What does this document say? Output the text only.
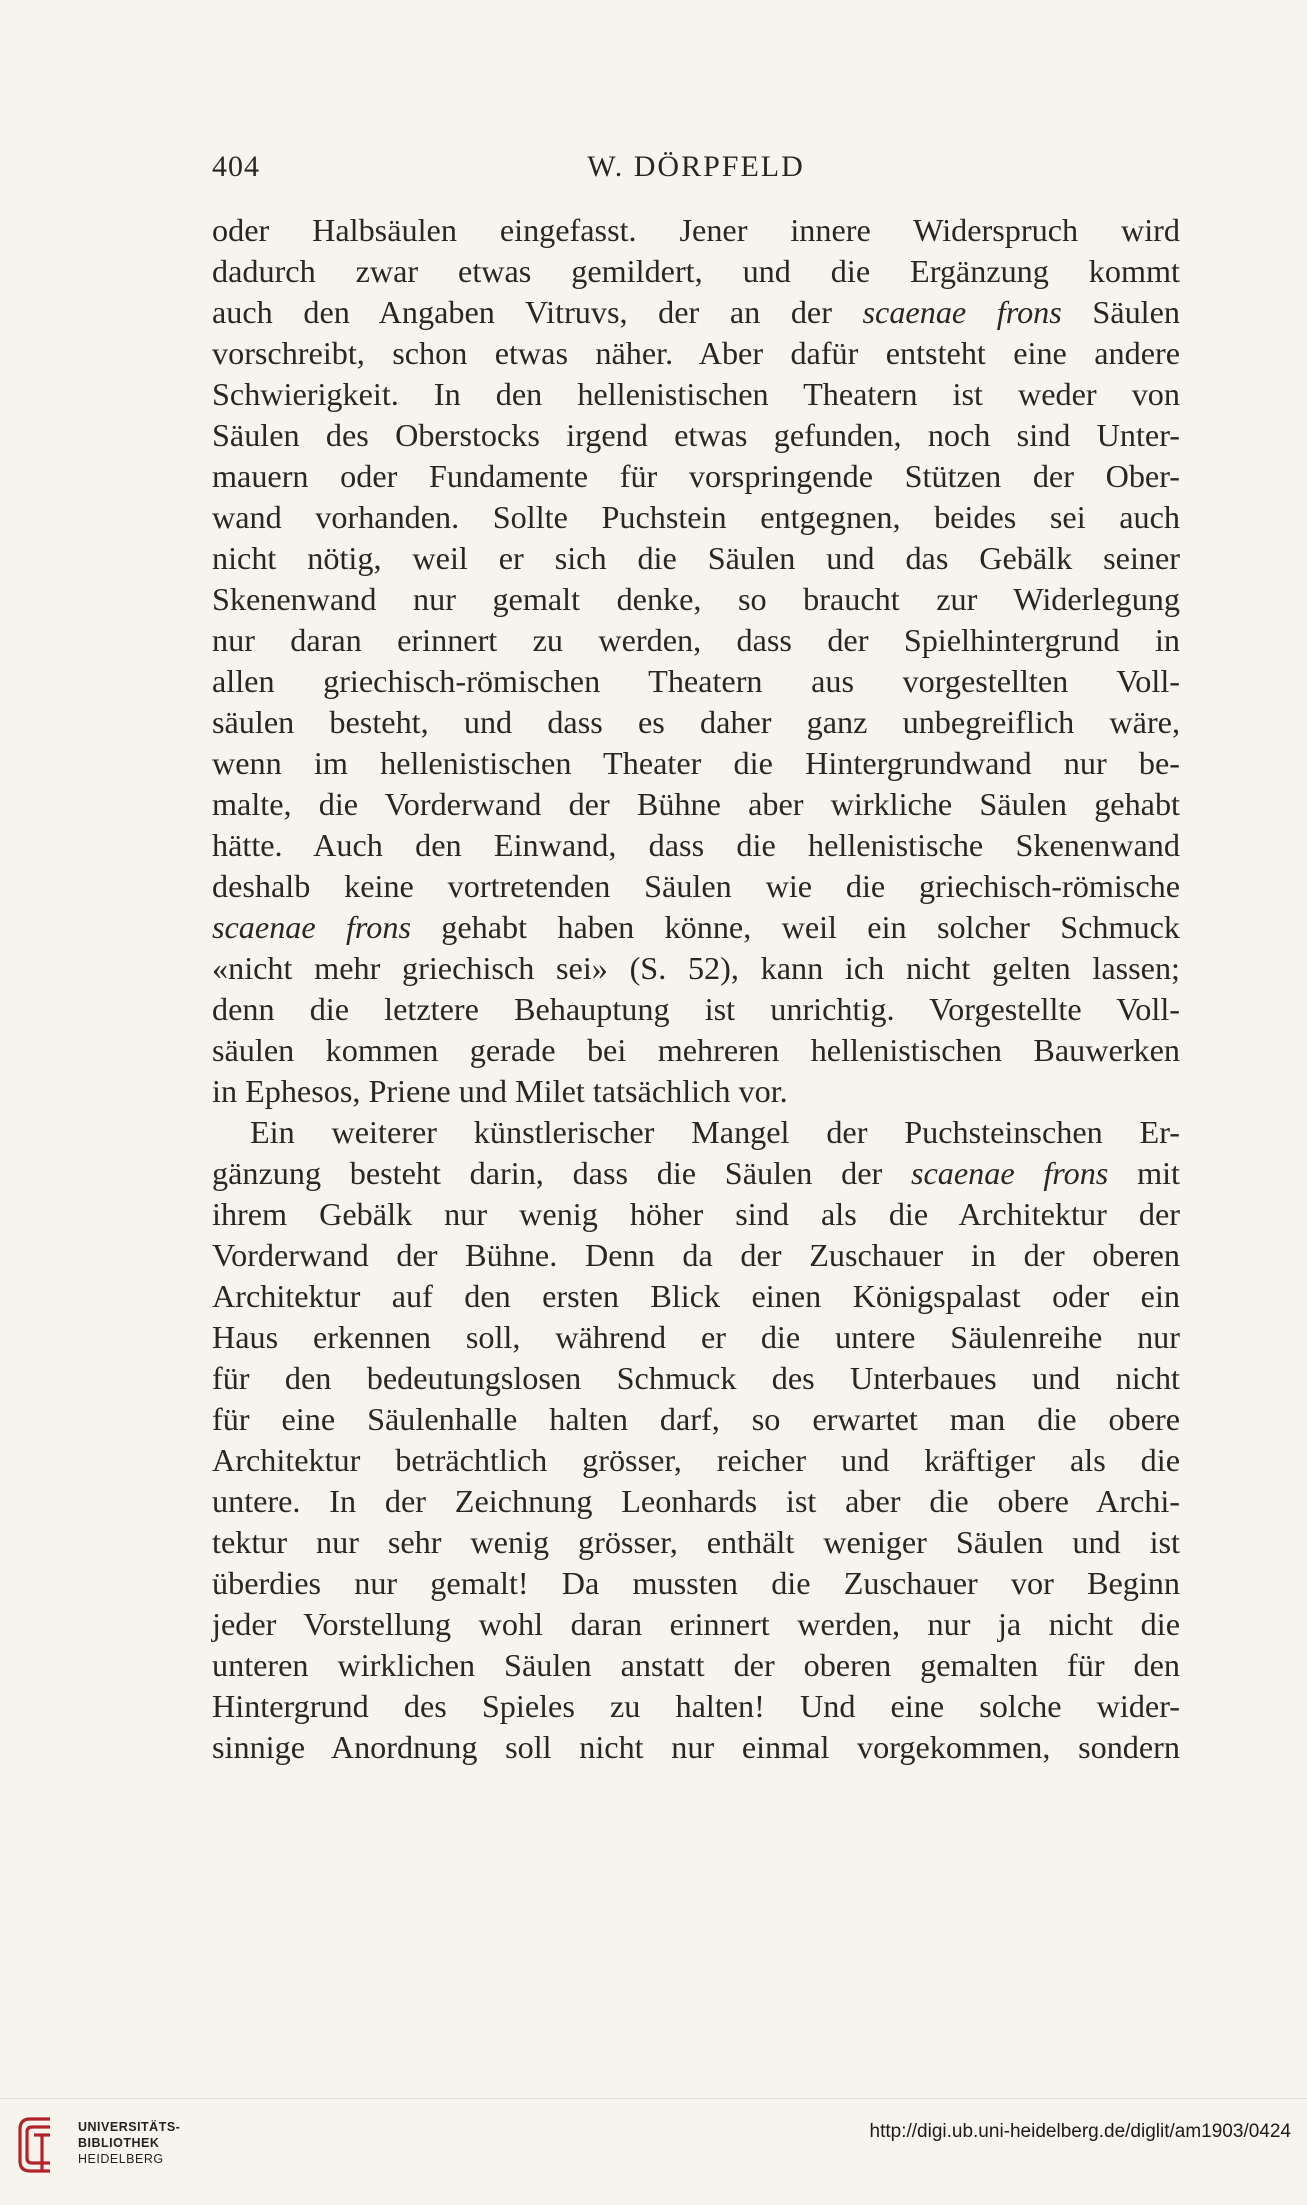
404	W. DÖRPFELD
oder Halbsäulen eingefasst. Jener innere Widerspruch wird
dadurch zwar etwas gemildert, und die Ergänzung kommt
auch den Angaben Vitruvs, der an der scaenae frons Säulen
vorschreibt, schon etwas näher. Aber dafür entsteht eine andere
Schwierigkeit. In den hellenistischen Theatern ist weder von
Säulen des Oberstocks irgend etwas gefunden, noch sind Unter-
mauern oder Fundamente für vorspringende Stützen der Ober-
wand vorhanden. Sollte Puchstein entgegnen, beides sei auch
nicht nötig, weil er sich die Säulen und das Gebälk seiner
Skenenwand nur gemalt denke, so braucht zur Widerlegung
nur daran erinnert zu werden, dass der Spielhintergrund in
allen griechisch-römischen Theatern aus vorgestellten Voll-
säulen besteht, und dass es daher ganz unbegreiflich wäre,
wenn im hellenistischen Theater die Hintergrundwand nur be-
malte, die Vorderwand der Bühne aber wirkliche Säulen gehabt
hätte. Auch den Einwand, dass die hellenistische Skenenwand
deshalb keine vortretenden Säulen wie die griechisch-römische
scaenae frons gehabt haben könne, weil ein solcher Schmuck
«nicht mehr griechisch sei» (S. 52), kann ich nicht gelten lassen;
denn die letztere Behauptung ist unrichtig. Vorgestellte Voll-
säulen kommen gerade bei mehreren hellenistischen Bauwerken
in Ephesos, Priene und Milet tatsächlich vor.
Ein weiterer künstlerischer Mangel der Puchsteinschen Er-
gänzung besteht darin, dass die Säulen der scaenae frons mit
ihrem Gebälk nur wenig höher sind als die Architektur der
Vorderwand der Bühne. Denn da der Zuschauer in der oberen
Architektur auf den ersten Blick einen Königspalast oder ein
Haus erkennen soll, während er die untere Säulenreihe nur
für den bedeutungslosen Schmuck des Unterbaues und nicht
für eine Säulenhalle halten darf, so erwartet man die obere
Architektur beträchtlich grösser, reicher und kräftiger als die
untere. In der Zeichnung Leonhards ist aber die obere Archi-
tektur nur sehr wenig grösser, enthält weniger Säulen und ist
überdies nur gemalt! Da mussten die Zuschauer vor Beginn
jeder Vorstellung wohl daran erinnert werden, nur ja nicht die
unteren wirklichen Säulen anstatt der oberen gemalten für den
Hintergrund des Spieles zu halten! Und eine solche wider-
sinnige Anordnung soll nicht nur einmal vorgekommen, sondern
UNIVERSITÄTS-
BIBLIOTHEK
HEIDELBERG
http://digi.ub.uni-heidelberg.de/diglit/am1903/0424
